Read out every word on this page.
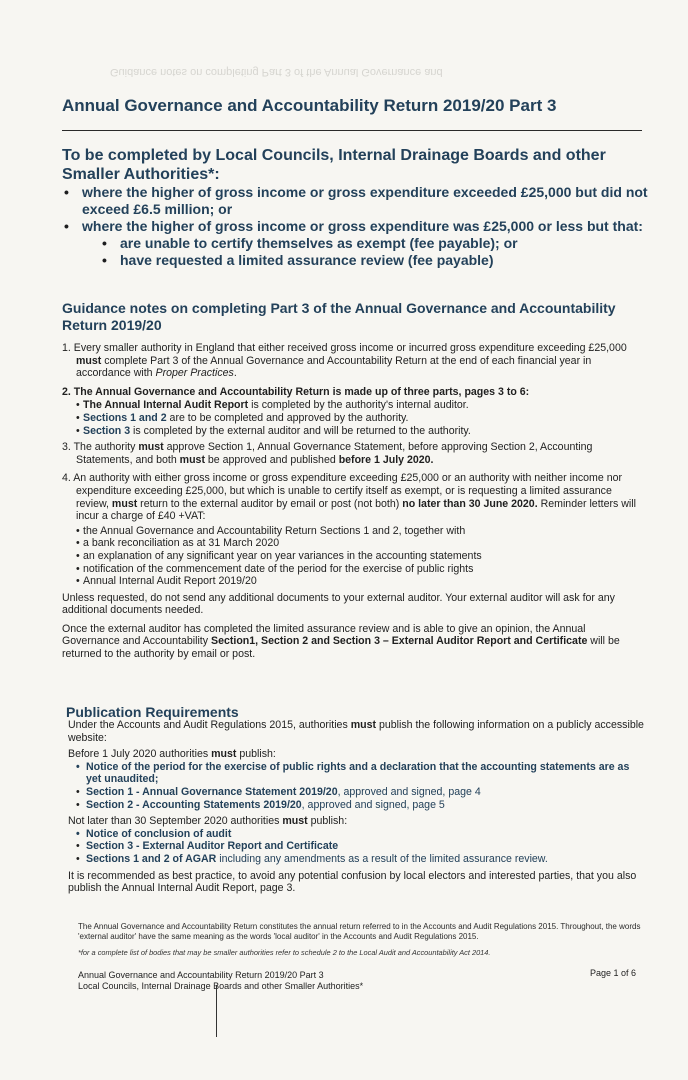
Guidance notes on completing Part 3 of the Annual Governance and
Annual Governance and Accountability Return 2019/20 Part 3
To be completed by Local Councils, Internal Drainage Boards and other Smaller Authorities*:
• where the higher of gross income or gross expenditure exceeded £25,000 but did not exceed £6.5 million; or
• where the higher of gross income or gross expenditure was £25,000 or less but that:
• are unable to certify themselves as exempt (fee payable); or
• have requested a limited assurance review (fee payable)
Guidance notes on completing Part 3 of the Annual Governance and Accountability Return 2019/20

1. Every smaller authority in England that either received gross income or incurred gross expenditure exceeding £25,000 must complete Part 3 of the Annual Governance and Accountability Return at the end of each financial year in accordance with Proper Practices.

2. The Annual Governance and Accountability Return is made up of three parts, pages 3 to 6:

• The Annual Internal Audit Report is completed by the authority's internal auditor.
• Sections 1 and 2 are to be completed and approved by the authority.
• Section 3 is completed by the external auditor and will be returned to the authority.

3. The authority must approve Section 1, Annual Governance Statement, before approving Section 2, Accounting Statements, and both must be approved and published before 1 July 2020.

4. An authority with either gross income or gross expenditure exceeding £25,000 or an authority with neither income nor expenditure exceeding £25,000, but which is unable to certify itself as exempt, or is requesting a limited assurance review, must return to the external auditor by email or post (not both) no later than 30 June 2020. Reminder letters will incur a charge of £40 +VAT:

• the Annual Governance and Accountability Return Sections 1 and 2, together with
• a bank reconciliation as at 31 March 2020
• an explanation of any significant year on year variances in the accounting statements
• notification of the commencement date of the period for the exercise of public rights
• Annual Internal Audit Report 2019/20

Unless requested, do not send any additional documents to your external auditor. Your external auditor will ask for any additional documents needed.

Once the external auditor has completed the limited assurance review and is able to give an opinion, the Annual Governance and Accountability Section1, Section 2 and Section 3 – External Auditor Report and Certificate will be returned to the authority by email or post.

Publication Requirements

Under the Accounts and Audit Regulations 2015, authorities must publish the following information on a publicly accessible website:

Before 1 July 2020 authorities must publish:

• Notice of the period for the exercise of public rights and a declaration that the accounting statements are as yet unaudited;
• Section 1 - Annual Governance Statement 2019/20, approved and signed, page 4
• Section 2 - Accounting Statements 2019/20, approved and signed, page 5

Not later than 30 September 2020 authorities must publish:

• Notice of conclusion of audit
• Section 3 - External Auditor Report and Certificate
• Sections 1 and 2 of AGAR including any amendments as a result of the limited assurance review.

It is recommended as best practice, to avoid any potential confusion by local electors and interested parties, that you also publish the Annual Internal Audit Report, page 3.

The Annual Governance and Accountability Return constitutes the annual return referred to in the Accounts and Audit Regulations 2015. Throughout, the words 'external auditor' have the same meaning as the words 'local auditor' in the Accounts and Audit Regulations 2015.
*for a complete list of bodies that may be smaller authorities refer to schedule 2 to the Local Audit and Accountability Act 2014.
Annual Governance and Accountability Return 2019/20 Part 3
Local Councils, Internal Drainage Boards and other Smaller Authorities*
Page 1 of 6
